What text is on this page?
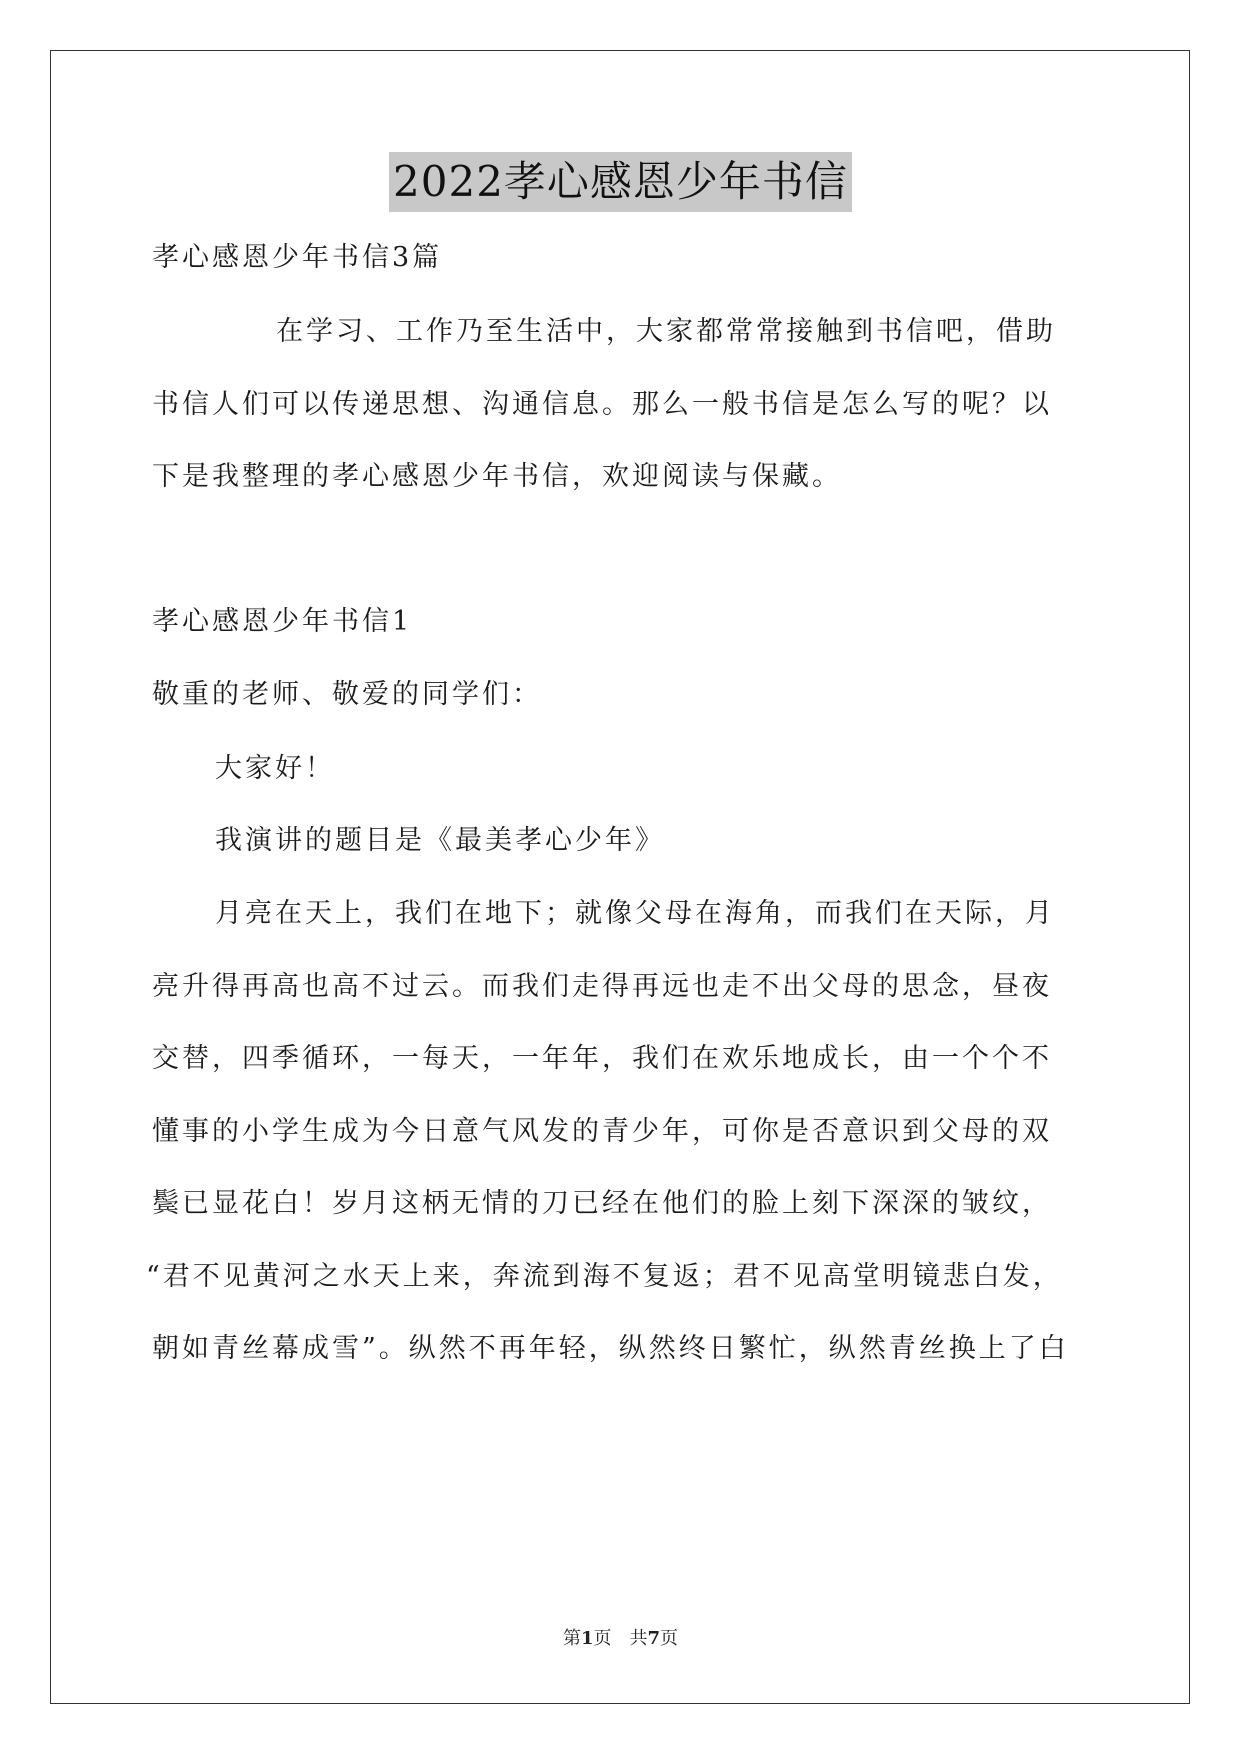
2022孝心感恩少年书信
孝心感恩少年书信3篇
在学习、工作乃至生活中，大家都常常接触到书信吧，借助
书信人们可以传递思想、沟通信息。那么一般书信是怎么写的呢？以
下是我整理的孝心感恩少年书信，欢迎阅读与保藏。
孝心感恩少年书信1
敬重的老师、敬爱的同学们：
大家好！
我演讲的题目是《最美孝心少年》
月亮在天上，我们在地下；就像父母在海角，而我们在天际，月
亮升得再高也高不过云。而我们走得再远也走不出父母的思念，昼夜
交替，四季循环，一每天，一年年，我们在欢乐地成长，由一个个不
懂事的小学生成为今日意气风发的青少年，可你是否意识到父母的双
鬓已显花白！岁月这柄无情的刀已经在他们的脸上刻下深深的皱纹，
“君不见黄河之水天上来，奔流到海不复返；君不见高堂明镜悲白发，
朝如青丝幕成雪”。纵然不再年轻，纵然终日繁忙，纵然青丝换上了白
第1页　共7页
